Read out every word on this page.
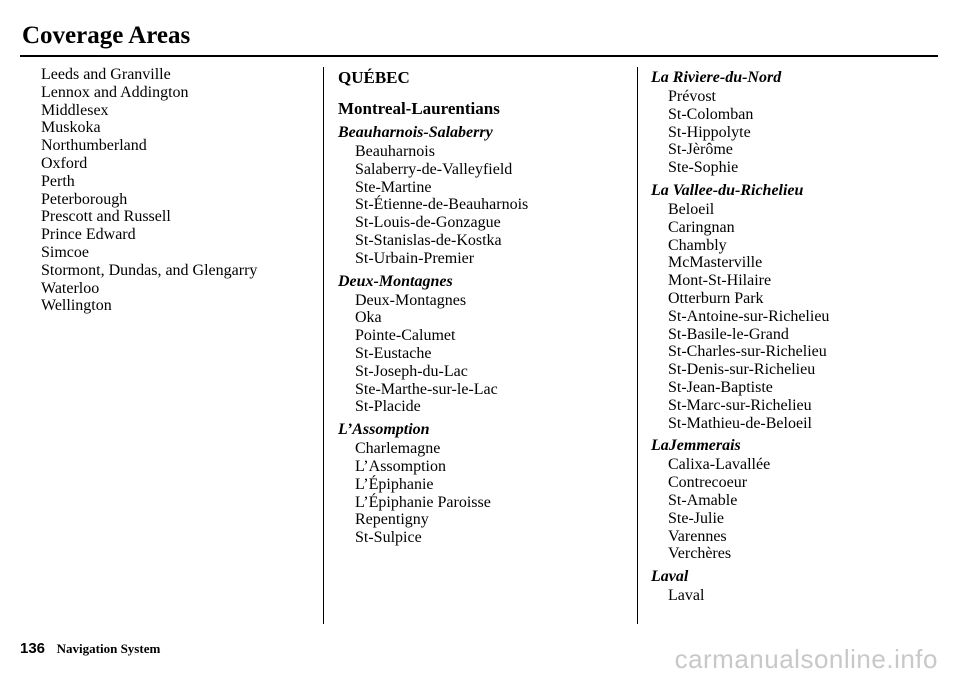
Coverage Areas
Leeds and Granville
Lennox and Addington
Middlesex
Muskoka
Northumberland
Oxford
Perth
Peterborough
Prescott and Russell
Prince Edward
Simcoe
Stormont, Dundas, and Glengarry
Waterloo
Wellington
QUÉBEC
Montreal-Laurentians
Beauharnois-Salaberry
Beauharnois
Salaberry-de-Valleyfield
Ste-Martine
St-Étienne-de-Beauharnois
St-Louis-de-Gonzague
St-Stanislas-de-Kostka
St-Urbain-Premier
Deux-Montagnes
Deux-Montagnes
Oka
Pointe-Calumet
St-Eustache
St-Joseph-du-Lac
Ste-Marthe-sur-le-Lac
St-Placide
L’Assomption
Charlemagne
L’Assomption
L’Épiphanie
L’Épiphanie Paroisse
Repentigny
St-Sulpice
La Rivìere-du-Nord
Prévost
St-Colomban
St-Hippolyte
St-Jèrôme
Ste-Sophie
La Vallee-du-Richelieu
Beloeil
Caringnan
Chambly
McMasterville
Mont-St-Hilaire
Otterburn Park
St-Antoine-sur-Richelieu
St-Basile-le-Grand
St-Charles-sur-Richelieu
St-Denis-sur-Richelieu
St-Jean-Baptiste
St-Marc-sur-Richelieu
St-Mathieu-de-Beloeil
LaJemmerais
Calixa-Lavallée
Contrecoeur
St-Amable
Ste-Julie
Varennes
Verchères
Laval
Laval
136 Navigation System	carmanualsonline.info
